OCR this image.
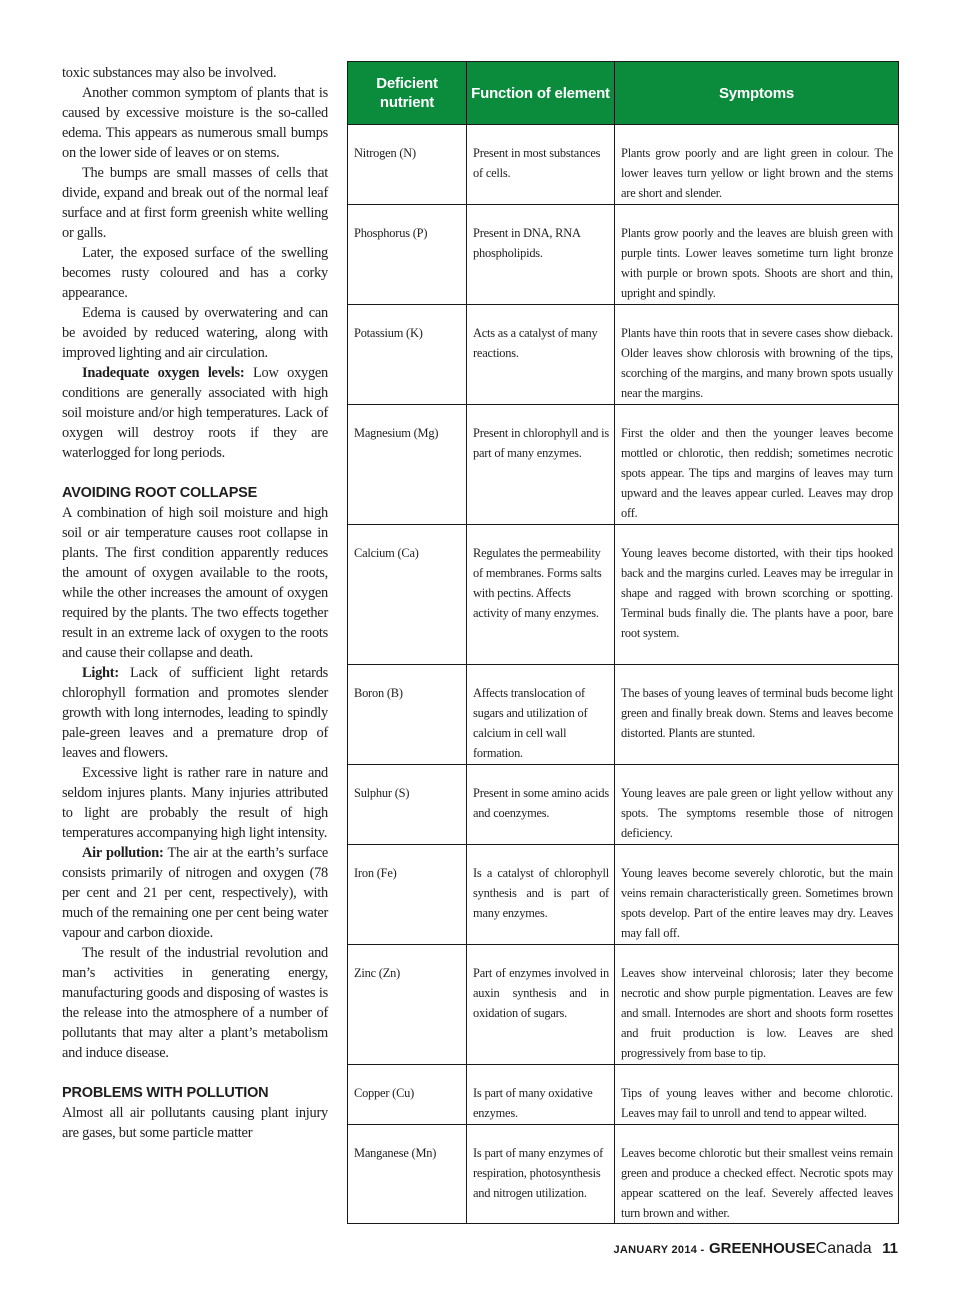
toxic substances may also be involved.

Another common symptom of plants that is caused by excessive moisture is the so-called edema. This appears as numerous small bumps on the lower side of leaves or on stems.

The bumps are small masses of cells that divide, expand and break out of the normal leaf surface and at first form greenish white welling or galls.

Later, the exposed surface of the swelling becomes rusty coloured and has a corky appearance.

Edema is caused by overwatering and can be avoided by reduced watering, along with improved lighting and air circulation.

Inadequate oxygen levels: Low oxygen conditions are generally associated with high soil moisture and/or high temperatures. Lack of oxygen will destroy roots if they are waterlogged for long periods.

AVOIDING ROOT COLLAPSE

A combination of high soil moisture and high soil or air temperature causes root collapse in plants. The first condition apparently reduces the amount of oxygen available to the roots, while the other increases the amount of oxygen required by the plants. The two effects together result in an extreme lack of oxygen to the roots and cause their collapse and death.

Light: Lack of sufficient light retards chlorophyll formation and promotes slender growth with long internodes, leading to spindly pale-green leaves and a premature drop of leaves and flowers.

Excessive light is rather rare in nature and seldom injures plants. Many injuries attributed to light are probably the result of high temperatures accompanying high light intensity.

Air pollution: The air at the earth’s surface consists primarily of nitrogen and oxygen (78 per cent and 21 per cent, respectively), with much of the remaining one per cent being water vapour and carbon dioxide.

The result of the industrial revolution and man’s activities in generating energy, manufacturing goods and disposing of wastes is the release into the atmosphere of a number of pollutants that may alter a plant’s metabolism and induce disease.

PROBLEMS WITH POLLUTION

Almost all air pollutants causing plant injury are gases, but some particle matter

Deficient nutrient	Function of element	Symptoms
Nitrogen (N)	Present in most substances of cells.	Plants grow poorly and are light green in colour. The lower leaves turn yellow or light brown and the stems are short and slender.
Phosphorus (P)	Present in DNA, RNA phospholipids.	Plants grow poorly and the leaves are bluish green with purple tints. Lower leaves sometime turn light bronze with purple or brown spots. Shoots are short and thin, upright and spindly.
Potassium (K)	Acts as a catalyst of many reactions.	Plants have thin roots that in severe cases show dieback. Older leaves show chlorosis with browning of the tips, scorching of the margins, and many brown spots usually near the margins.
Magnesium (Mg)	Present in chlorophyll and is part of many enzymes.	First the older and then the younger leaves become mottled or chlorotic, then reddish; sometimes necrotic spots appear. The tips and margins of leaves may turn upward and the leaves appear curled. Leaves may drop off.
Calcium (Ca)	Regulates the permeability of membranes. Forms salts with pectins. Affects activity of many enzymes.	Young leaves become distorted, with their tips hooked back and the margins curled. Leaves may be irregular in shape and ragged with brown scorching or spotting. Terminal buds finally die. The plants have a poor, bare root system.
Boron (B)	Affects translocation of sugars and utilization of calcium in cell wall formation.	The bases of young leaves of terminal buds become light green and finally break down. Stems and leaves become distorted. Plants are stunted.
Sulphur (S)	Present in some amino acids and coenzymes.	Young leaves are pale green or light yellow without any spots. The symptoms resemble those of nitrogen deficiency.
Iron (Fe)	Is a catalyst of chlorophyll synthesis and is part of many enzymes.	Young leaves become severely chlorotic, but the main veins remain characteristically green. Sometimes brown spots develop. Part of the entire leaves may dry. Leaves may fall off.
Zinc (Zn)	Part of enzymes involved in auxin synthesis and in oxidation of sugars.	Leaves show interveinal chlorosis; later they become necrotic and show purple pigmentation. Leaves are few and small. Internodes are short and shoots form rosettes and fruit production is low. Leaves are shed progressively from base to tip.
Copper (Cu)	Is part of many oxidative enzymes.	Tips of young leaves wither and become chlorotic. Leaves may fail to unroll and tend to appear wilted.
Manganese (Mn)	Is part of many enzymes of respiration, photosynthesis and nitrogen utilization.	Leaves become chlorotic but their smallest veins remain green and produce a checked effect. Necrotic spots may appear scattered on the leaf. Severely affected leaves turn brown and wither.
JANUARY 2014 - GREENHOUSECanada 11
